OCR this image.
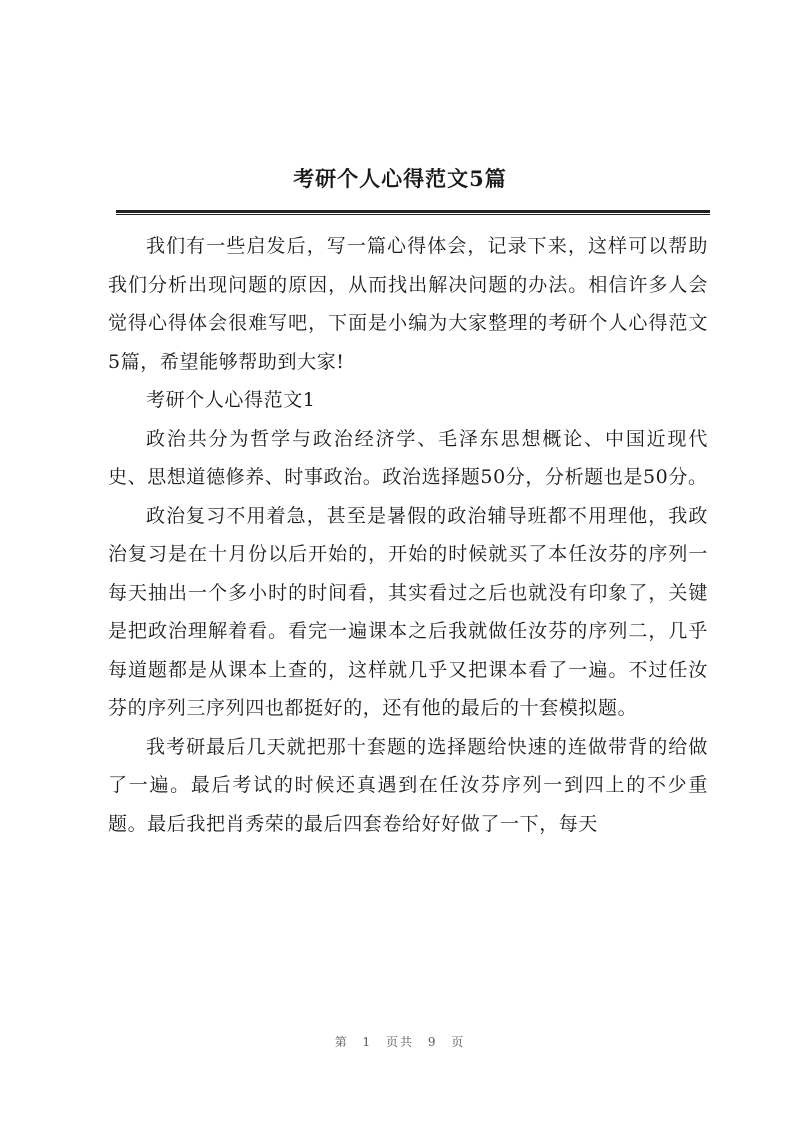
考研个人心得范文5篇

我们有一些启发后，写一篇心得体会，记录下来，这样可以帮助我们分析出现问题的原因，从而找出解决问题的办法。相信许多人会觉得心得体会很难写吧，下面是小编为大家整理的考研个人心得范文5篇，希望能够帮助到大家!

考研个人心得范文1

政治共分为哲学与政治经济学、毛泽东思想概论、中国近现代史、思想道德修养、时事政治。政治选择题50分，分析题也是50分。

政治复习不用着急，甚至是暑假的政治辅导班都不用理他，我政治复习是在十月份以后开始的，开始的时候就买了本任汝芬的序列一每天抽出一个多小时的时间看，其实看过之后也就没有印象了，关键是把政治理解着看。看完一遍课本之后我就做任汝芬的序列二，几乎每道题都是从课本上查的，这样就几乎又把课本看了一遍。不过任汝芬的序列三序列四也都挺好的，还有他的最后的十套模拟题。

我考研最后几天就把那十套题的选择题给快速的连做带背的给做了一遍。最后考试的时候还真遇到在任汝芬序列一到四上的不少重题。最后我把肖秀荣的最后四套卷给好好做了一下，每天

第 1 页共 9 页
